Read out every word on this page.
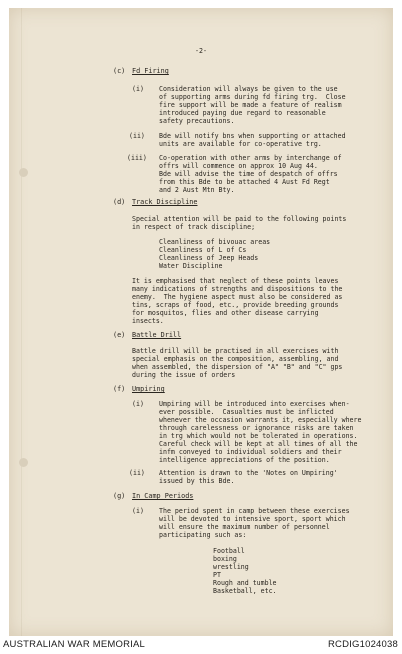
-2-
(c) Fd Firing
(i) Consideration will always be given to the use
of supporting arms during fd firing trg.  Close
fire support will be made a feature of realism
introduced paying due regard to reasonable
safety precautions.
(ii) Bde will notify bns when supporting or attached
units are available for co-operative trg.
(iii) Co-operation with other arms by interchange of
offrs will commence on approx 10 Aug 44.
Bde will advise the time of despatch of offrs
from this Bde to be attached 4 Aust Fd Regt
and 2 Aust Mtn Bty.
(d) Track Discipline
Special attention will be paid to the following points
in respect of track discipline;
Cleanliness of bivouac areas
Cleanliness of L of Cs
Cleanliness of Jeep Heads
Water Discipline
It is emphasised that neglect of these points leaves
many indications of strengths and dispositions to the
enemy.  The hygiene aspect must also be considered as
tins, scraps of food, etc., provide breeding grounds
for mosquitos, flies and other disease carrying
insects.
(e) Battle Drill
Battle drill will be practised in all exercises with
special emphasis on the composition, assembling, and
when assembled, the dispersion of "A" "B" and "C" gps
during the issue of orders
(f) Umpiring
(i) Umpiring will be introduced into exercises when-
ever possible.  Casualties must be inflicted
whenever the occasion warrants it, especially where
through carelessness or ignorance risks are taken
in trg which would not be tolerated in operations.
Careful check will be kept at all times of all the
infm conveyed to individual soldiers and their
intelligence appreciations of the position.
(ii) Attention is drawn to the 'Notes on Umpiring'
issued by this Bde.
(g) In Camp Periods
(i) The period spent in camp between these exercises
will be devoted to intensive sport, sport which
will ensure the maximum number of personnel
participating such as:
Football
boxing
wrestling
PT
Rough and tumble
Basketball, etc.
AUSTRALIAN WAR MEMORIAL	RCDIG1024038
